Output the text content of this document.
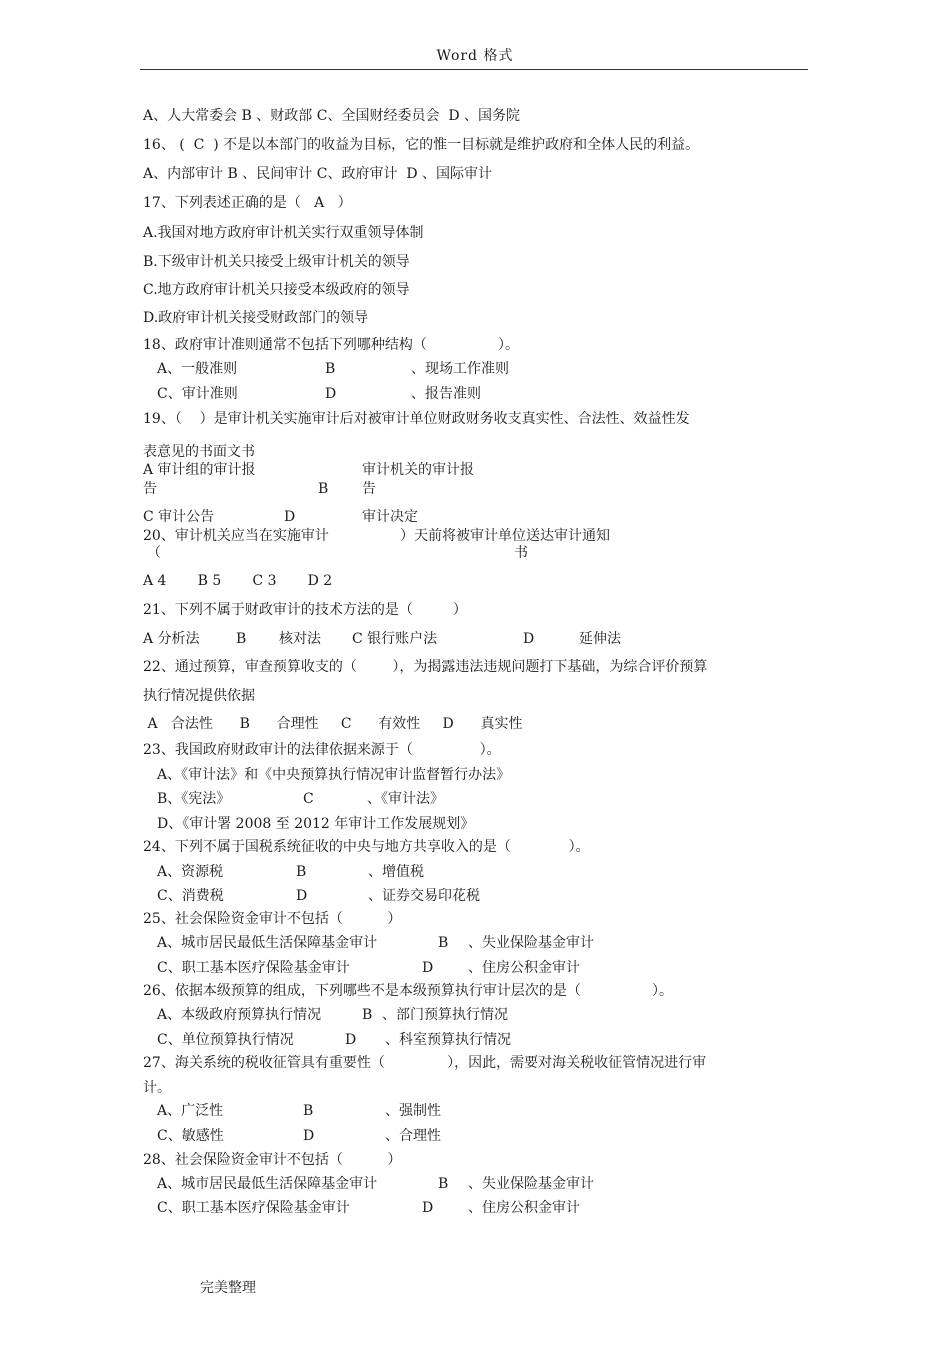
Word 格式
A、人大常委会 B 、财政部 C、全国财经委员会  D 、国务院
16、 (  C  ) 不是以本部门的收益为目标，它的惟一目标就是维护政府和全体人民的利益。
A、内部审计 B 、民间审计 C、政府审计  D 、国际审计
17、下列表述正确的是（   A   ）
A.我国对地方政府审计机关实行双重领导体制
B.下级审计机关只接受上级审计机关的领导
C.地方政府审计机关只接受本级政府的领导
D.政府审计机关接受财政部门的领导
18、政府审计准则通常不包括下列哪种结构（                ）。
A、一般准则	B	、现场工作准则
C、审计准则	D	、报告准则
19、（    ）是审计机关实施审计后对被审计单位财政财务收支真实性、合法性、效益性发
表意见的书面文书
A 审计组的审计报
告	B
审计机关的审计报
告
C 审计公告	D	审计决定
20、审计机关应当在实施审计
（
）天前将被审计单位送达审计通知
书
A 4       B 5       C 3       D 2
21、下列不属于财政审计的技术方法的是（         ）
A 分析法	B 核对法 C 银行账户法	D	延伸法
22、通过预算，审查预算收支的（        ），为揭露违法违规问题打下基础，为综合评价预算
执行情况提供依据
A   合法性      B      合理性     C      有效性     D      真实性
23、我国政府财政审计的法律依据来源于（               ）。
A、《审计法》和《中央预算执行情况审计监督暂行办法》
B、《宪法》	C	、《审计法》
D、《审计署 2008 至 2012 年审计工作发展规划》
24、下列不属于国税系统征收的中央与地方共享收入的是（             ）。
A、资源税	B	、增值税
C、消费税	D	、证券交易印花税
25、社会保险资金审计不包括（          ）
A、城市居民最低生活保障基金审计	B 、失业保险基金审计
C、职工基本医疗保险基金审计	D 、住房公积金审计
26、依据本级预算的组成，下列哪些不是本级预算执行审计层次的是（                ）。
A、本级政府预算执行情况	B 、部门预算执行情况
C、单位预算执行情况	D 、科室预算执行情况
27、海关系统的税收征管具有重要性（              ），因此，需要对海关税收征管情况进行审
计。
A、广泛性	B	、强制性
C、敏感性	D	、合理性
28、社会保险资金审计不包括（          ）
A、城市居民最低生活保障基金审计	B 、失业保险基金审计
C、职工基本医疗保险基金审计	D 、住房公积金审计
完美整理
